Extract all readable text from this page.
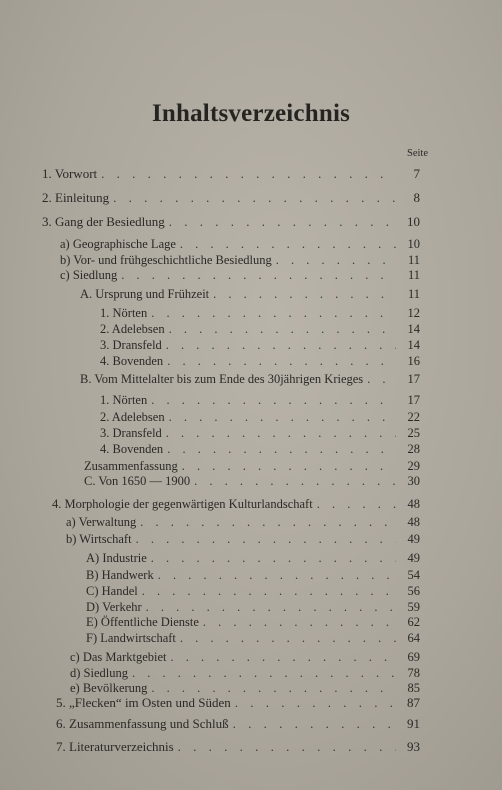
Inhaltsverzeichnis
Seite
1. Vorwort . . .	7
2. Einleitung . . .	8
3. Gang der Besiedlung . . .	10
a) Geographische Lage . . .	10
b) Vor- und frühgeschichtliche Besiedlung . . .	11
c) Siedlung . . .	11
A. Ursprung und Frühzeit . . .	11
1. Nörten . . .	12
2. Adelebsen . . .	14
3. Dransfeld . . .	14
4. Bovenden . . .	16
B. Vom Mittelalter bis zum Ende des 30jährigen Krieges . . .	17
1. Nörten . . .	17
2. Adelebsen . . .	22
3. Dransfeld . . .	25
4. Bovenden . . .	28
Zusammenfassung . . .	29
C. Von 1650 — 1900 . . .	30
4. Morphologie der gegenwärtigen Kulturlandschaft . . .	48
a) Verwaltung . . .	48
b) Wirtschaft . . .	49
A) Industrie . . .	49
B) Handwerk . . .	54
C) Handel . . .	56
D) Verkehr . . .	59
E) Öffentliche Dienste . . .	62
F) Landwirtschaft . . .	64
c) Das Marktgebiet . . .	69
d) Siedlung . . .	78
e) Bevölkerung . . .	85
5. „Flecken“ im Osten und Süden . . .	87
6. Zusammenfassung und Schluß . . .	91
7. Literaturverzeichnis . . .	93
